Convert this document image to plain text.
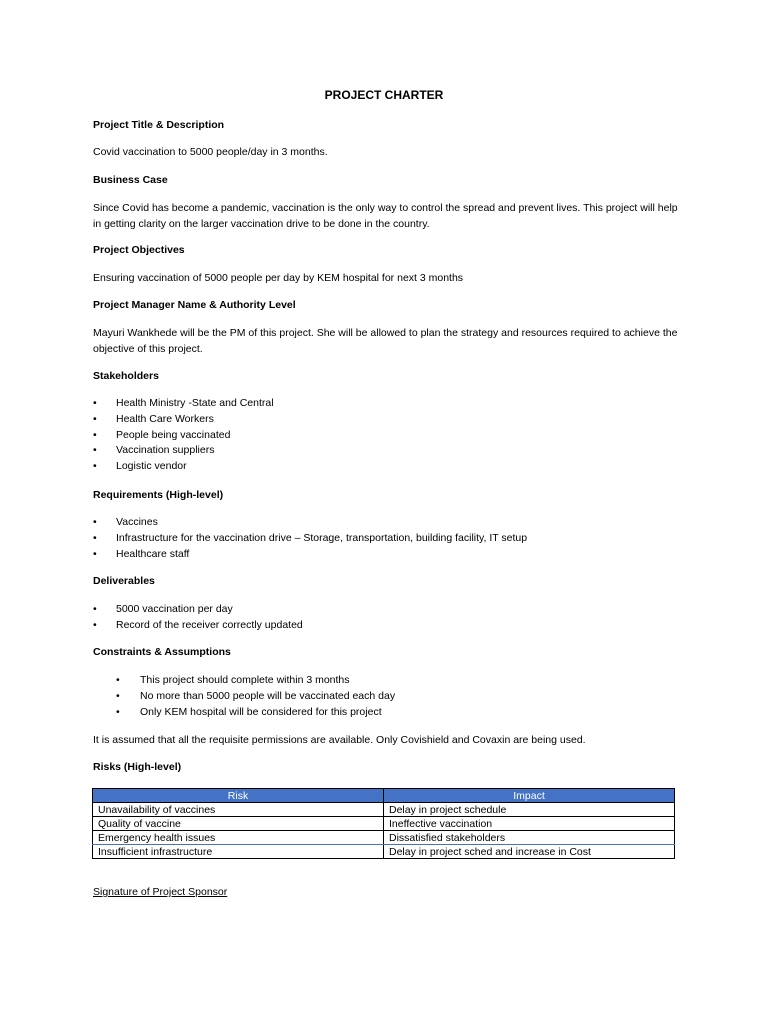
PROJECT CHARTER
Project Title & Description
Covid vaccination to 5000 people/day in 3 months.
Business Case
Since Covid has become a pandemic, vaccination is the only way to control the spread and prevent lives. This project will help in getting clarity on the larger vaccination drive to be done in the country.
Project Objectives
Ensuring vaccination of 5000 people per day by KEM hospital for next 3 months
Project Manager Name & Authority Level
Mayuri Wankhede will be the PM of this project. She will be allowed to plan the strategy and resources required to achieve the objective of this project.
Stakeholders
• Health Ministry -State and Central
• Health Care Workers
• People being vaccinated
• Vaccination suppliers
• Logistic vendor
Requirements (High-level)
• Vaccines
• Infrastructure for the vaccination drive – Storage, transportation, building facility, IT setup
• Healthcare staff
Deliverables
• 5000 vaccination per day
• Record of the receiver correctly updated
Constraints & Assumptions
• This project should complete within 3 months
• No more than 5000 people will be vaccinated each day
• Only KEM hospital will be considered for this project
It is assumed that all the requisite permissions are available. Only Covishield and Covaxin are being used.
Risks (High-level)
Risk	Impact
Unavailability of vaccines	Delay in project schedule
Quality of vaccine	Ineffective vaccination
Emergency health issues	Dissatisfied stakeholders
Insufficient infrastructure	Delay in project sched and increase in Cost
Signature of Project Sponsor
